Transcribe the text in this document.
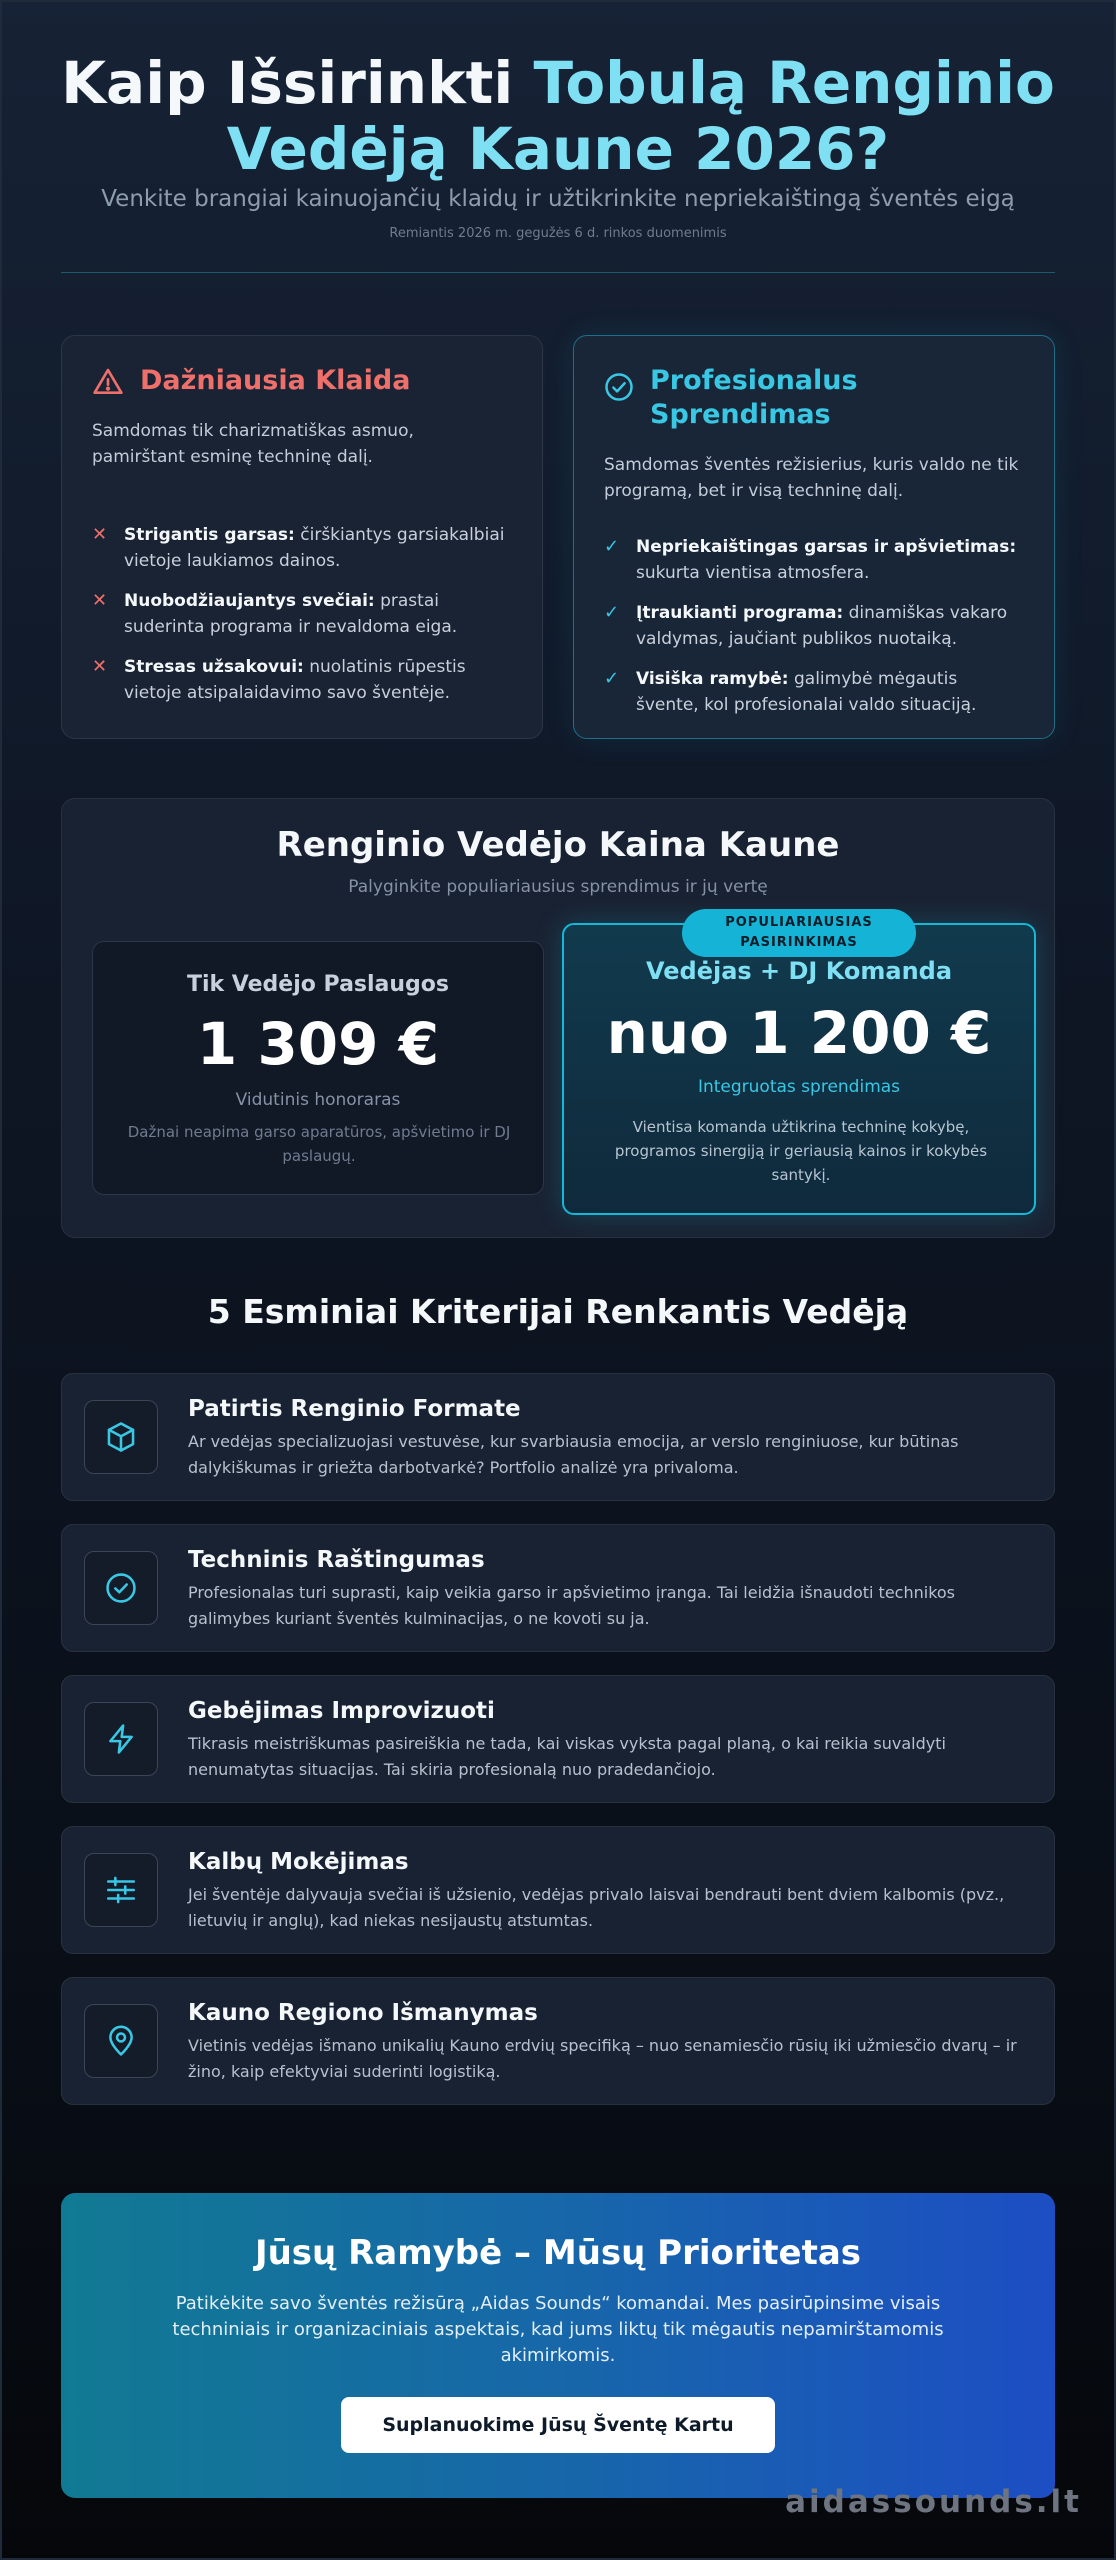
Kaip Išsirinkti Tobulą Renginio
Vedėją Kaune 2026?
Venkite brangiai kainuojančių klaidų ir užtikrinkite nepriekaištingą šventės eigą
Remiantis 2026 m. gegužės 6 d. rinkos duomenimis
Dažniausia Klaida

Samdomas tik charizmatiškas asmuo, pamirštant esminę techninę dalį.

✕ Strigantis garsas: čirškiantys garsiakalbiai vietoje laukiamos dainos.
✕ Nuobodžiaujantys svečiai: prastai suderinta programa ir nevaldoma eiga.
✕ Stresas užsakovui: nuolatinis rūpestis vietoje atsipalaidavimo savo šventėje.
Profesionalus Sprendimas

Samdomas šventės režisierius, kuris valdo ne tik programą, bet ir visą techninę dalį.

✓ Nepriekaištingas garsas ir apšvietimas: sukurta vientisa atmosfera.
✓ Įtraukianti programa: dinamiškas vakaro valdymas, jaučiant publikos nuotaiką.
✓ Visiška ramybė: galimybė mėgautis švente, kol profesionalai valdo situaciją.
Renginio Vedėjo Kaina Kaune
Palyginkite populiariausius sprendimus ir jų vertę
Tik Vedėjo Paslaugos
1 309 €
Vidutinis honoraras
Dažnai neapima garso aparatūros, apšvietimo ir DJ paslaugų.
POPULIARIAUSIAS PASIRINKIMAS
Vedėjas + DJ Komanda
nuo 1 200 €
Integruotas sprendimas
Vientisa komanda užtikrina techninę kokybę, programos sinergiją ir geriausią kainos ir kokybės santykį.
5 Esminiai Kriterijai Renkantis Vedėją
Patirtis Renginio Formate

Ar vedėjas specializuojasi vestuvėse, kur svarbiausia emocija, ar verslo renginiuose, kur būtinas dalykiškumas ir griežta darbotvarkė? Portfolio analizė yra privaloma.

Techninis Raštingumas

Profesionalas turi suprasti, kaip veikia garso ir apšvietimo įranga. Tai leidžia išnaudoti technikos galimybes kuriant šventės kulminacijas, o ne kovoti su ja.

Gebėjimas Improvizuoti

Tikrasis meistriškumas pasireiškia ne tada, kai viskas vyksta pagal planą, o kai reikia suvaldyti nenumatytas situacijas. Tai skiria profesionalą nuo pradedančiojo.

Kalbų Mokėjimas

Jei šventėje dalyvauja svečiai iš užsienio, vedėjas privalo laisvai bendrauti bent dviem kalbomis (pvz., lietuvių ir anglų), kad niekas nesijaustų atstumtas.

Kauno Regiono Išmanymas

Vietinis vedėjas išmano unikalių Kauno erdvių specifiką – nuo senamiesčio rūsių iki užmiesčio dvarų – ir žino, kaip efektyviai suderinti logistiką.

Jūsų Ramybė – Mūsų Prioritetas

Patikėkite savo šventės režisūrą „Aidas Sounds“ komandai. Mes pasirūpinsime visais techniniais ir organizaciniais aspektais, kad jums liktų tik mėgautis nepamirštamomis akimirkomis.

Suplanuokime Jūsų Šventę Kartu
aidassounds.lt
